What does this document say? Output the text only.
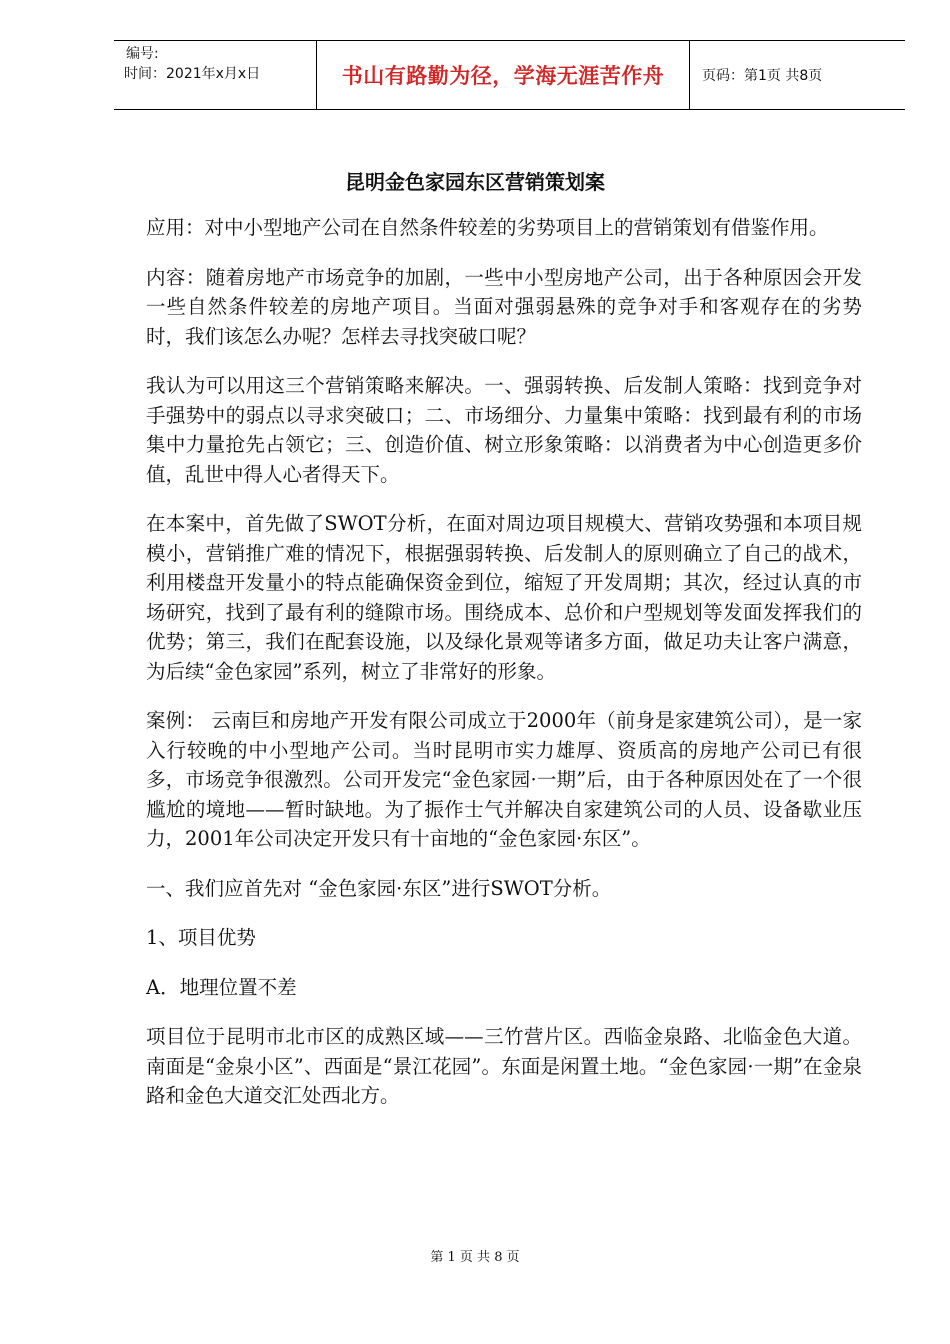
编号:
时间：2021年x月x日	书山有路勤为径，学海无涯苦作舟	页码：第1页 共8页
昆明金色家园东区营销策划案

应用：对中小型地产公司在自然条件较差的劣势项目上的营销策划有借鉴作用。

内容：随着房地产市场竞争的加剧，一些中小型房地产公司，出于各种原因会开发一些自然条件较差的房地产项目。当面对强弱悬殊的竞争对手和客观存在的劣势时，我们该怎么办呢？怎样去寻找突破口呢？

我认为可以用这三个营销策略来解决。一、强弱转换、后发制人策略：找到竞争对手强势中的弱点以寻求突破口；二、市场细分、力量集中策略：找到最有利的市场集中力量抢先占领它；三、创造价值、树立形象策略：以消费者为中心创造更多价值，乱世中得人心者得天下。

在本案中，首先做了SWOT分析，在面对周边项目规模大、营销攻势强和本项目规模小，营销推广难的情况下，根据强弱转换、后发制人的原则确立了自己的战术，利用楼盘开发量小的特点能确保资金到位，缩短了开发周期；其次，经过认真的市场研究，找到了最有利的缝隙市场。围绕成本、总价和户型规划等发面发挥我们的优势；第三，我们在配套设施，以及绿化景观等诸多方面，做足功夫让客户满意，为后续“金色家园”系列，树立了非常好的形象。

案例： 云南巨和房地产开发有限公司成立于2000年（前身是家建筑公司），是一家入行较晚的中小型地产公司。当时昆明市实力雄厚、资质高的房地产公司已有很多，市场竞争很激烈。公司开发完“金色家园·一期”后，由于各种原因处在了一个很尴尬的境地——暂时缺地。为了振作士气并解决自家建筑公司的人员、设备歇业压力，2001年公司决定开发只有十亩地的“金色家园·东区”。

一、我们应首先对 “金色家园·东区”进行SWOT分析。

1、项目优势

A．地理位置不差

项目位于昆明市北市区的成熟区域——三竹营片区。西临金泉路、北临金色大道。南面是“金泉小区”、西面是“景江花园”。东面是闲置土地。“金色家园·一期”在金泉路和金色大道交汇处西北方。

第 1 页 共 8 页
